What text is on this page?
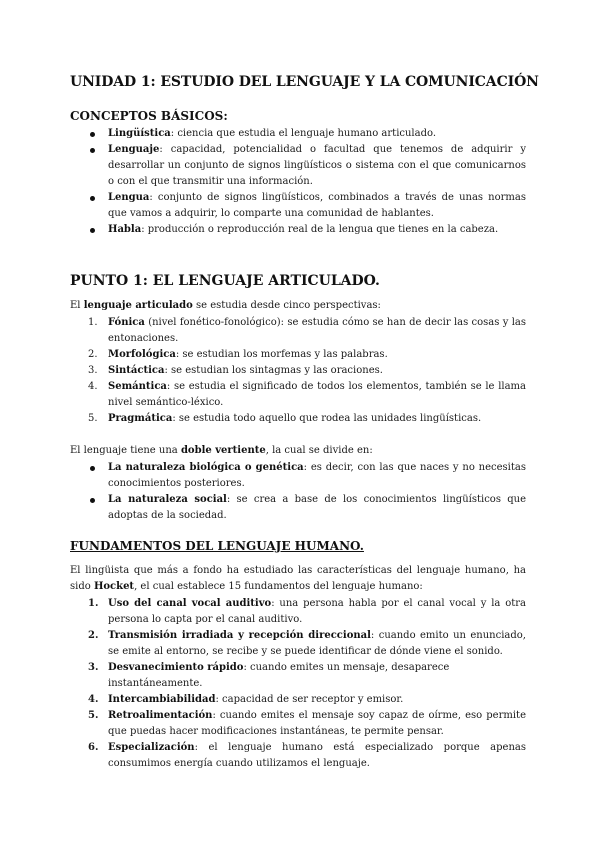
UNIDAD 1: ESTUDIO DEL LENGUAJE Y LA COMUNICACIÓN
CONCEPTOS BÁSICOS:
Lingüística: ciencia que estudia el lenguaje humano articulado.
Lenguaje: capacidad, potencialidad o facultad que tenemos de adquirir y desarrollar un conjunto de signos lingüísticos o sistema con el que comunicarnos o con el que transmitir una información.
Lengua: conjunto de signos lingüísticos, combinados a través de unas normas que vamos a adquirir, lo comparte una comunidad de hablantes.
Habla: producción o reproducción real de la lengua que tienes en la cabeza.
PUNTO 1: EL LENGUAJE ARTICULADO.

El lenguaje articulado se estudia desde cinco perspectivas:

1. Fónica (nivel fonético-fonológico): se estudia cómo se han de decir las cosas y las entonaciones.
2. Morfológica: se estudian los morfemas y las palabras.
3. Sintáctica: se estudian los sintagmas y las oraciones.
4. Semántica: se estudia el significado de todos los elementos, también se le llama nivel semántico-léxico.
5. Pragmática: se estudia todo aquello que rodea las unidades lingüísticas.

El lenguaje tiene una doble vertiente, la cual se divide en:

La naturaleza biológica o genética: es decir, con las que naces y no necesitas conocimientos posteriores.
La naturaleza social: se crea a base de los conocimientos lingüísticos que adoptas de la sociedad.
FUNDAMENTOS DEL LENGUAJE HUMANO.

El lingüista que más a fondo ha estudiado las características del lenguaje humano, ha sido Hocket, el cual establece 15 fundamentos del lenguaje humano:

1. Uso del canal vocal auditivo: una persona habla por el canal vocal y la otra persona lo capta por el canal auditivo.
2. Transmisión irradiada y recepción direccional: cuando emito un enunciado, se emite al entorno, se recibe y se puede identificar de dónde viene el sonido.
3. Desvanecimiento rápido: cuando emites un mensaje, desaparece instantáneamente.
4. Intercambiabilidad: capacidad de ser receptor y emisor.
5. Retroalimentación: cuando emites el mensaje soy capaz de oírme, eso permite que puedas hacer modificaciones instantáneas, te permite pensar.
6. Especialización: el lenguaje humano está especializado porque apenas consumimos energía cuando utilizamos el lenguaje.
